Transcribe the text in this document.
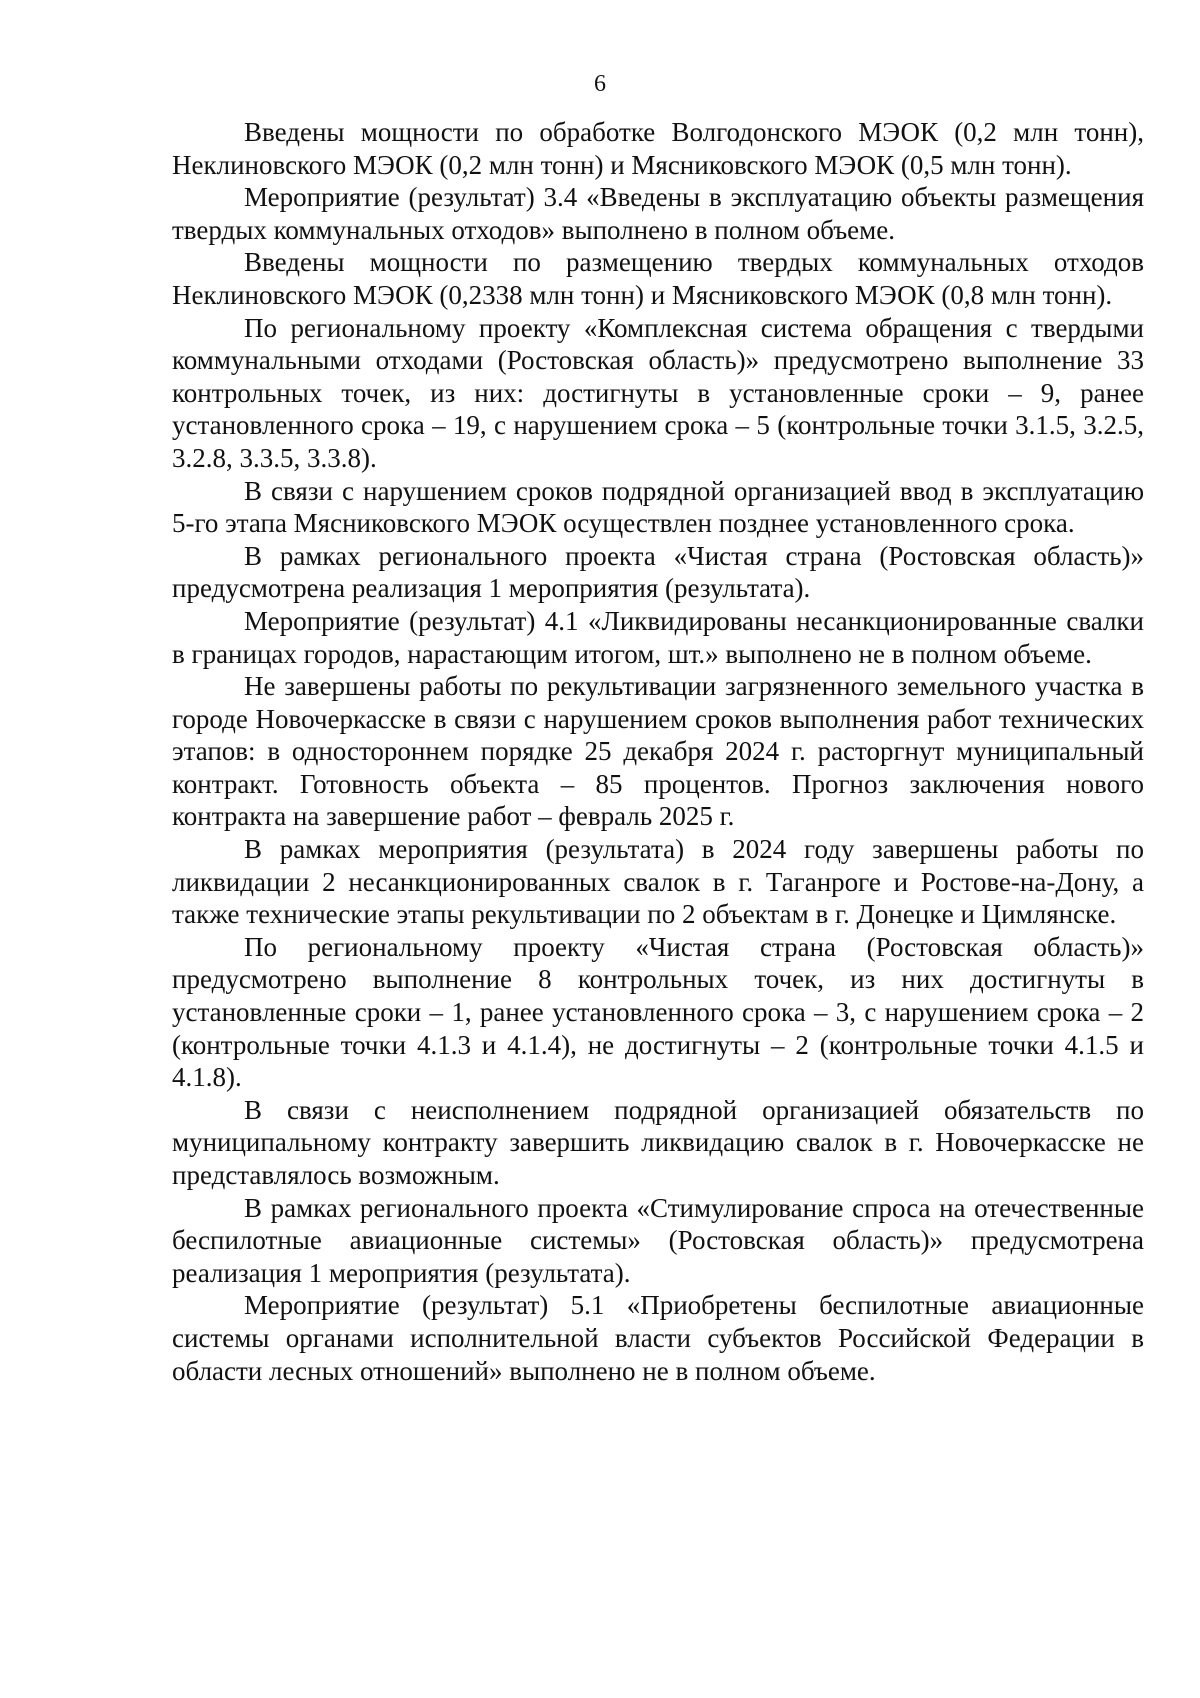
6

Введены мощности по обработке Волгодонского МЭОК (0,2 млн тонн), Неклиновского МЭОК (0,2 млн тонн) и Мясниковского МЭОК (0,5 млн тонн).

Мероприятие (результат) 3.4 «Введены в эксплуатацию объекты размещения твердых коммунальных отходов» выполнено в полном объеме.

Введены мощности по размещению твердых коммунальных отходов Неклиновского МЭОК (0,2338 млн тонн) и Мясниковского МЭОК (0,8 млн тонн).

По региональному проекту «Комплексная система обращения с твердыми коммунальными отходами (Ростовская область)» предусмотрено выполнение 33 контрольных точек, из них: достигнуты в установленные сроки – 9, ранее установленного срока – 19, с нарушением срока – 5 (контрольные точки 3.1.5, 3.2.5, 3.2.8, 3.3.5, 3.3.8).

В связи с нарушением сроков подрядной организацией ввод в эксплуатацию 5-го этапа Мясниковского МЭОК осуществлен позднее установленного срока.

В рамках регионального проекта «Чистая страна (Ростовская область)» предусмотрена реализация 1 мероприятия (результата).

Мероприятие (результат) 4.1 «Ликвидированы несанкционированные свалки в границах городов, нарастающим итогом, шт.» выполнено не в полном объеме.

Не завершены работы по рекультивации загрязненного земельного участка в городе Новочеркасске в связи с нарушением сроков выполнения работ технических этапов: в одностороннем порядке 25 декабря 2024 г. расторгнут муниципальный контракт. Готовность объекта – 85 процентов. Прогноз заключения нового контракта на завершение работ – февраль 2025 г.

В рамках мероприятия (результата) в 2024 году завершены работы по ликвидации 2 несанкционированных свалок в г. Таганроге и Ростове-на-Дону, а также технические этапы рекультивации по 2 объектам в г. Донецке и Цимлянске.

По региональному проекту «Чистая страна (Ростовская область)» предусмотрено выполнение 8 контрольных точек, из них достигнуты в установленные сроки – 1, ранее установленного срока – 3, с нарушением срока – 2 (контрольные точки 4.1.3 и 4.1.4), не достигнуты – 2 (контрольные точки 4.1.5 и 4.1.8).

В связи с неисполнением подрядной организацией обязательств по муниципальному контракту завершить ликвидацию свалок в г. Новочеркасске не представлялось возможным.

В рамках регионального проекта «Стимулирование спроса на отечественные беспилотные авиационные системы» (Ростовская область)» предусмотрена реализация 1 мероприятия (результата).

Мероприятие (результат) 5.1 «Приобретены беспилотные авиационные системы органами исполнительной власти субъектов Российской Федерации в области лесных отношений» выполнено не в полном объеме.
